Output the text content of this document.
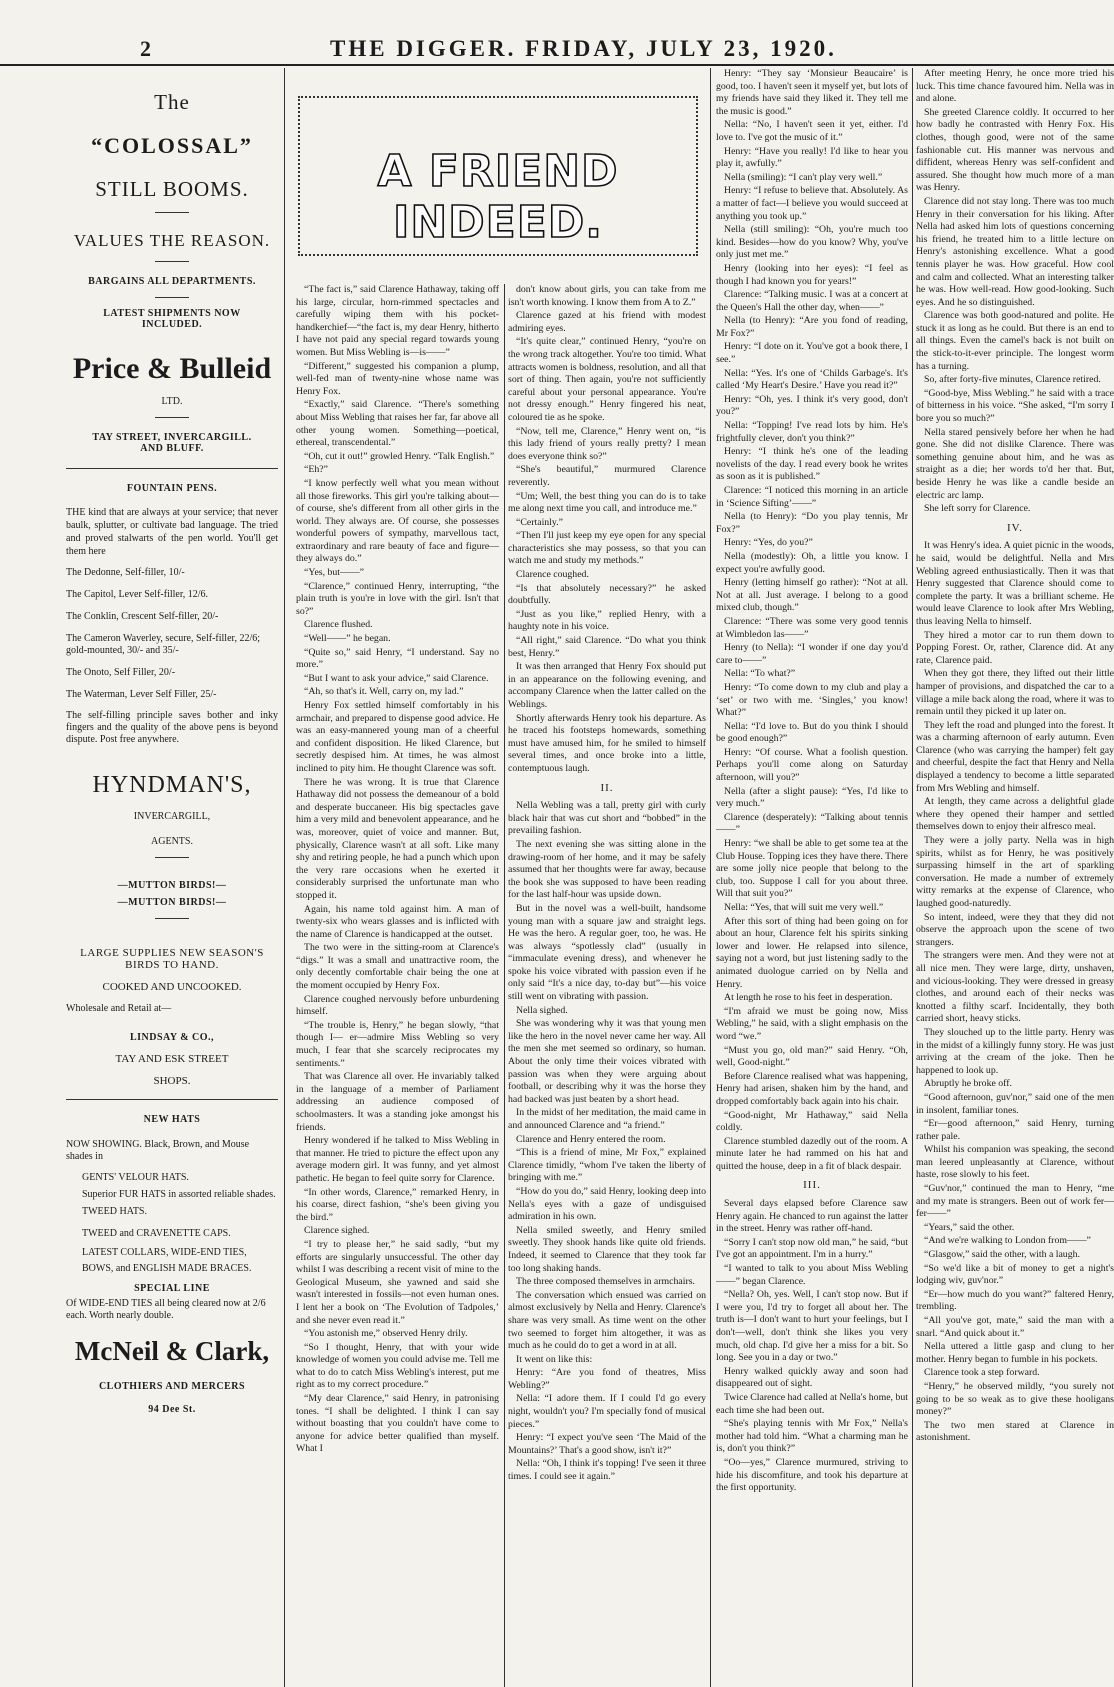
2	THE DIGGER. FRIDAY, JULY 23, 1920.
The
“COLOSSAL”
STILL BOOMS.
VALUES THE REASON.
BARGAINS ALL DEPARTMENTS.
LATEST SHIPMENTS NOW INCLUDED.
Price & Bulleid
LTD.
TAY STREET, INVERCARGILL. AND BLUFF.
FOUNTAIN PENS.

THE kind that are always at your service; that never baulk, splutter, or cultivate bad language. The tried and proved stalwarts of the pen world. You'll get them here

The Dedonne, Self-filler, 10/-
The Capitol, Lever Self-filler, 12/6.
The Conklin, Crescent Self-filler, 20/-
The Cameron Waverley, secure, Self-filler, 22/6; gold-mounted, 30/- and 35/-
The Onoto, Self Filler, 20/-
The Waterman, Lever Self Filler, 25/-

The self-filling principle saves bother and inky fingers and the quality of the above pens is beyond dispute. Post free anywhere.

HYNDMAN'S,
INVERCARGILL,
AGENTS.
—MUTTON BIRDS!—
—MUTTON BIRDS!—
LARGE SUPPLIES NEW SEASON'S BIRDS TO HAND.
COOKED AND UNCOOKED.
Wholesale and Retail at—
LINDSAY & CO.,
TAY AND ESK STREET
SHOPS.
NEW HATS

NOW SHOWING. Black, Brown, and Mouse shades in

GENTS' VELOUR HATS.
Superior FUR HATS in assorted reliable shades.
TWEED HATS.
TWEED and CRAVENETTE CAPS.
LATEST COLLARS, WIDE-END TIES, BOWS, and ENGLISH MADE BRACES.
SPECIAL LINE

Of WIDE-END TIES all being cleared now at 2/6 each. Worth nearly double.

McNeil & Clark,
CLOTHIERS AND MERCERS
94 Dee St.
A FRIEND INDEED.

“The fact is,” said Clarence Hathaway, taking off his large, circular, horn-rimmed spectacles and carefully wiping them with his pocket-handkerchief—“the fact is, my dear Henry, hitherto I have not paid any special regard towards young women. But Miss Webling is—is——”

“Different,” suggested his companion a plump, well-fed man of twenty-nine whose name was Henry Fox.

“Exactly,” said Clarence. “There's something about Miss Webling that raises her far, far above all other young women. Something—poetical, ethereal, transcendental.”

“Oh, cut it out!” growled Henry. “Talk English.”

“Eh?”

“I know perfectly well what you mean without all those fireworks. This girl you're talking about—of course, she's different from all other girls in the world. They always are. Of course, she possesses wonderful powers of sympathy, marvellous tact, extraordinary and rare beauty of face and figure—they always do.”

“Yes, but——”

“Clarence,” continued Henry, interrupting, “the plain truth is you're in love with the girl. Isn't that so?”

Clarence flushed.

“Well——” he began.

“Quite so,” said Henry, “I understand. Say no more.”

“But I want to ask your advice,” said Clarence.

“Ah, so that's it. Well, carry on, my lad.”

Henry Fox settled himself comfortably in his armchair, and prepared to dispense good advice. He was an easy-mannered young man of a cheerful and confident disposition. He liked Clarence, but secretly despised him. At times, he was almost inclined to pity him. He thought Clarence was soft.

There he was wrong. It is true that Clarence Hathaway did not possess the demeanour of a bold and desperate buccaneer. His big spectacles gave him a very mild and benevolent appearance, and he was, moreover, quiet of voice and manner. But, physically, Clarence wasn't at all soft. Like many shy and retiring people, he had a punch which upon the very rare occasions when he exerted it considerably surprised the unfortunate man who stopped it.

Again, his name told against him. A man of twenty-six who wears glasses and is inflicted with the name of Clarence is handicapped at the outset.

The two were in the sitting-room at Clarence's “digs.” It was a small and unattractive room, the only decently comfortable chair being the one at the moment occupied by Henry Fox.

Clarence coughed nervously before unburdening himself.

“The trouble is, Henry,” he began slowly, “that though I— er—admire Miss Webling so very much, I fear that she scarcely reciprocates my sentiments.”

That was Clarence all over. He invariably talked in the language of a member of Parliament addressing an audience composed of schoolmasters. It was a standing joke amongst his friends.

Henry wondered if he talked to Miss Webling in that manner. He tried to picture the effect upon any average modern girl. It was funny, and yet almost pathetic. He began to feel quite sorry for Clarence.

“In other words, Clarence,” remarked Henry, in his coarse, direct fashion, “she's been giving you the bird.”

Clarence sighed.

“I try to please her,” he said sadly, “but my efforts are singularly unsuccessful. The other day whilst I was describing a recent visit of mine to the Geological Museum, she yawned and said she wasn't interested in fossils—not even human ones. I lent her a book on ‘The Evolution of Tadpoles,’ and she never even read it.”

“You astonish me,” observed Henry drily.

“So I thought, Henry, that with your wide knowledge of women you could advise me. Tell me what to do to catch Miss Webling's interest, put me right as to my correct procedure.”

“My dear Clarence,” said Henry, in patronising tones. “I shall be delighted. I think I can say without boasting that you couldn't have come to anyone for advice better qualified than myself. What I

don't know about girls, you can take from me isn't worth knowing. I know them from A to Z.”

Clarence gazed at his friend with modest admiring eyes.

“It's quite clear,” continued Henry, “you're on the wrong track altogether. You're too timid. What attracts women is boldness, resolution, and all that sort of thing. Then again, you're not sufficiently careful about your personal appearance. You're not dressy enough.” Henry fingered his neat, coloured tie as he spoke.

“Now, tell me, Clarence,” Henry went on, “is this lady friend of yours really pretty? I mean does everyone think so?”

“She's beautiful,” murmured Clarence reverently.

“Um; Well, the best thing you can do is to take me along next time you call, and introduce me.”

“Certainly.”

“Then I'll just keep my eye open for any special characteristics she may possess, so that you can watch me and study my methods.”

Clarence coughed.

“Is that absolutely necessary?” he asked doubtfully.

“Just as you like,” replied Henry, with a haughty note in his voice.

“All right,” said Clarence. “Do what you think best, Henry.”

It was then arranged that Henry Fox should put in an appearance on the following evening, and accompany Clarence when the latter called on the Weblings.

Shortly afterwards Henry took his departure. As he traced his footsteps homewards, something must have amused him, for he smiled to himself several times, and once broke into a little, contemptuous laugh.

II.

Nella Webling was a tall, pretty girl with curly black hair that was cut short and “bobbed” in the prevailing fashion.

The next evening she was sitting alone in the drawing-room of her home, and it may be safely assumed that her thoughts were far away, because the book she was supposed to have been reading for the last half-hour was upside down.

But in the novel was a well-built, handsome young man with a square jaw and straight legs. He was the hero. A regular goer, too, he was. He was always “spotlessly clad” (usually in “immaculate evening dress), and whenever he spoke his voice vibrated with passion even if he only said “It's a nice day, to-day but”—his voice still went on vibrating with passion.

Nella sighed.

She was wondering why it was that young men like the hero in the novel never came her way. All the men she met seemed so ordinary, so human. About the only time their voices vibrated with passion was when they were arguing about football, or describing why it was the horse they had backed was just beaten by a short head.

In the midst of her meditation, the maid came in and announced Clarence and “a friend.”

Clarence and Henry entered the room.

“This is a friend of mine, Mr Fox,” explained Clarence timidly, “whom I've taken the liberty of bringing with me.”

“How do you do,” said Henry, looking deep into Nella's eyes with a gaze of undisguised admiration in his own.

Nella smiled sweetly, and Henry smiled sweetly. They shook hands like quite old friends. Indeed, it seemed to Clarence that they took far too long shaking hands.

The three composed themselves in armchairs.

The conversation which ensued was carried on almost exclusively by Nella and Henry. Clarence's share was very small. As time went on the other two seemed to forget him altogether, it was as much as he could do to get a word in at all.

It went on like this:

Henry: “Are you fond of theatres, Miss Webling?”

Nella: “I adore them. If I could I'd go every night, wouldn't you? I'm specially fond of musical pieces.”

Henry: “I expect you've seen ‘The Maid of the Mountains?’ That's a good show, isn't it?”

Nella: “Oh, I think it's topping! I've seen it three times. I could see it again.”

Henry: “They say ‘Monsieur Beaucaire’ is good, too. I haven't seen it myself yet, but lots of my friends have said they liked it. They tell me the music is good.”

Nella: “No, I haven't seen it yet, either. I'd love to. I've got the music of it.”

Henry: “Have you really! I'd like to hear you play it, awfully.”

Nella (smiling): “I can't play very well.”

Henry: “I refuse to believe that. Absolutely. As a matter of fact—I believe you would succeed at anything you took up.”

Nella (still smiling): “Oh, you're much too kind. Besides—how do you know? Why, you've only just met me.”

Henry (looking into her eyes): “I feel as though I had known you for years!”

Clarence: “Talking music. I was at a concert at the Queen's Hall the other day, when——”

Nella (to Henry): “Are you fond of reading, Mr Fox?”

Henry: “I dote on it. You've got a book there, I see.”

Nella: “Yes. It's one of ‘Childs Garbage's. It's called ‘My Heart's Desire.’ Have you read it?”

Henry: “Oh, yes. I think it's very good, don't you?”

Nella: “Topping! I've read lots by him. He's frightfully clever, don't you think?”

Henry: “I think he's one of the leading novelists of the day. I read every book he writes as soon as it is published.”

Clarence: “I noticed this morning in an article in ‘Science Sifting’——”

Nella (to Henry): “Do you play tennis, Mr Fox?”

Henry: “Yes, do you?”

Nella (modestly): Oh, a little you know. I expect you're awfully good.

Henry (letting himself go rather): “Not at all. Not at all. Just average. I belong to a good mixed club, though.”

Clarence: “There was some very good tennis at Wimbledon las——”

Henry (to Nella): “I wonder if one day you'd care to——”

Nella: “To what?”

Henry: “To come down to my club and play a ‘set’ or two with me. ‘Singles,’ you know! What?”

Nella: “I'd love to. But do you think I should be good enough?”

Henry: “Of course. What a foolish question. Perhaps you'll come along on Saturday afternoon, will you?”

Nella (after a slight pause): “Yes, I'd like to very much.”

Clarence (desperately): “Talking about tennis——”

Henry: “we shall be able to get some tea at the Club House. Topping ices they have there. There are some jolly nice people that belong to the club, too. Suppose I call for you about three. Will that suit you?”

Nella: “Yes, that will suit me very well.”

After this sort of thing had been going on for about an hour, Clarence felt his spirits sinking lower and lower. He relapsed into silence, saying not a word, but just listening sadly to the animated duologue carried on by Nella and Henry.

At length he rose to his feet in desperation.

“I'm afraid we must be going now, Miss Webling,” he said, with a slight emphasis on the word “we.”

“Must you go, old man?” said Henry. “Oh, well, Good-night.”

Before Clarence realised what was happening, Henry had arisen, shaken him by the hand, and dropped comfortably back again into his chair.

“Good-night, Mr Hathaway,” said Nella coldly.

Clarence stumbled dazedly out of the room. A minute later he had rammed on his hat and quitted the house, deep in a fit of black despair.

III.

Several days elapsed before Clarence saw Henry again. He chanced to run against the latter in the street. Henry was rather off-hand.

“Sorry I can't stop now old man,” he said, “but I've got an appointment. I'm in a hurry.”

“I wanted to talk to you about Miss Webling——” began Clarence.

“Nella? Oh, yes. Well, I can't stop now. But if I were you, I'd try to forget all about her. The truth is—I don't want to hurt your feelings, but I don't—well, don't think she likes you very much, old chap. I'd give her a miss for a bit. So long. See you in a day or two.”

Henry walked quickly away and soon had disappeared out of sight.

Twice Clarence had called at Nella's home, but each time she had been out.

“She's playing tennis with Mr Fox,” Nella's mother had told him. “What a charming man he is, don't you think?”

“Oo—yes,” Clarence murmured, striving to hide his discomfiture, and took his departure at the first opportunity.

After meeting Henry, he once more tried his luck. This time chance favoured him. Nella was in and alone.

She greeted Clarence coldly. It occurred to her how badly he contrasted with Henry Fox. His clothes, though good, were not of the same fashionable cut. His manner was nervous and diffident, whereas Henry was self-confident and assured. She thought how much more of a man was Henry.

Clarence did not stay long. There was too much Henry in their conversation for his liking. After Nella had asked him lots of questions concerning his friend, he treated him to a little lecture on Henry's astonishing excellence. What a good tennis player he was. How graceful. How cool and calm and collected. What an interesting talker he was. How well-read. How good-looking. Such eyes. And he so distinguished.

Clarence was both good-natured and polite. He stuck it as long as he could. But there is an end to all things. Even the camel's back is not built on the stick-to-it-ever principle. The longest worm has a turning.

So, after forty-five minutes, Clarence retired.

“Good-bye, Miss Webling.” he said with a trace of bitterness in his voice. “She asked, “I'm sorry I bore you so much?”

Nella stared pensively before her when he had gone. She did not dislike Clarence. There was something genuine about him, and he was as straight as a die; her words to'd her that. But, beside Henry he was like a candle beside an electric arc lamp.

She left sorry for Clarence.

IV.

It was Henry's idea. A quiet picnic in the woods, he said, would be delightful. Nella and Mrs Webling agreed enthusiastically. Then it was that Henry suggested that Clarence should come to complete the party. It was a brilliant scheme. He would leave Clarence to look after Mrs Webling, thus leaving Nella to himself.

They hired a motor car to run them down to Popping Forest. Or, rather, Clarence did. At any rate, Clarence paid.

When they got there, they lifted out their little hamper of provisions, and dispatched the car to a village a mile back along the road, where it was to remain until they picked it up later on.

They left the road and plunged into the forest. It was a charming afternoon of early autumn. Even Clarence (who was carrying the hamper) felt gay and cheerful, despite the fact that Henry and Nella displayed a tendency to become a little separated from Mrs Webling and himself.

At length, they came across a delightful glade where they opened their hamper and settled themselves down to enjoy their alfresco meal.

They were a jolly party. Nella was in high spirits, whilst as for Henry, he was positively surpassing himself in the art of sparkling conversation. He made a number of extremely witty remarks at the expense of Clarence, who laughed good-naturedly.

So intent, indeed, were they that they did not observe the approach upon the scene of two strangers.

The strangers were men. And they were not at all nice men. They were large, dirty, unshaven, and vicious-looking. They were dressed in greasy clothes, and around each of their necks was knotted a filthy scarf. Incidentally, they both carried short, heavy sticks.

They slouched up to the little party. Henry was in the midst of a killingly funny story. He was just arriving at the cream of the joke. Then he happened to look up.

Abruptly he broke off.

“Good afternoon, guv'nor,” said one of the men in insolent, familiar tones.

“Er—good afternoon,” said Henry, turning rather pale.

Whilst his companion was speaking, the second man leered unpleasantly at Clarence, without haste, rose slowly to his feet.

“Guv'nor,” continued the man to Henry, “me and my mate is strangers. Been out of work fer—fer——”

“Years,” said the other.

“And we're walking to London from——”

“Glasgow,” said the other, with a laugh.

“So we'd like a bit of money to get a night's lodging wiv, guv'nor.”

“Er—how much do you want?” faltered Henry, trembling.

“All you've got, mate,” said the man with a snarl. “And quick about it.”

Nella uttered a little gasp and clung to her mother. Henry began to fumble in his pockets.

Clarence took a step forward.

“Henry,” he observed mildly, “you surely not going to be so weak as to give these hooligans money?”

The two men stared at Clarence in astonishment.
